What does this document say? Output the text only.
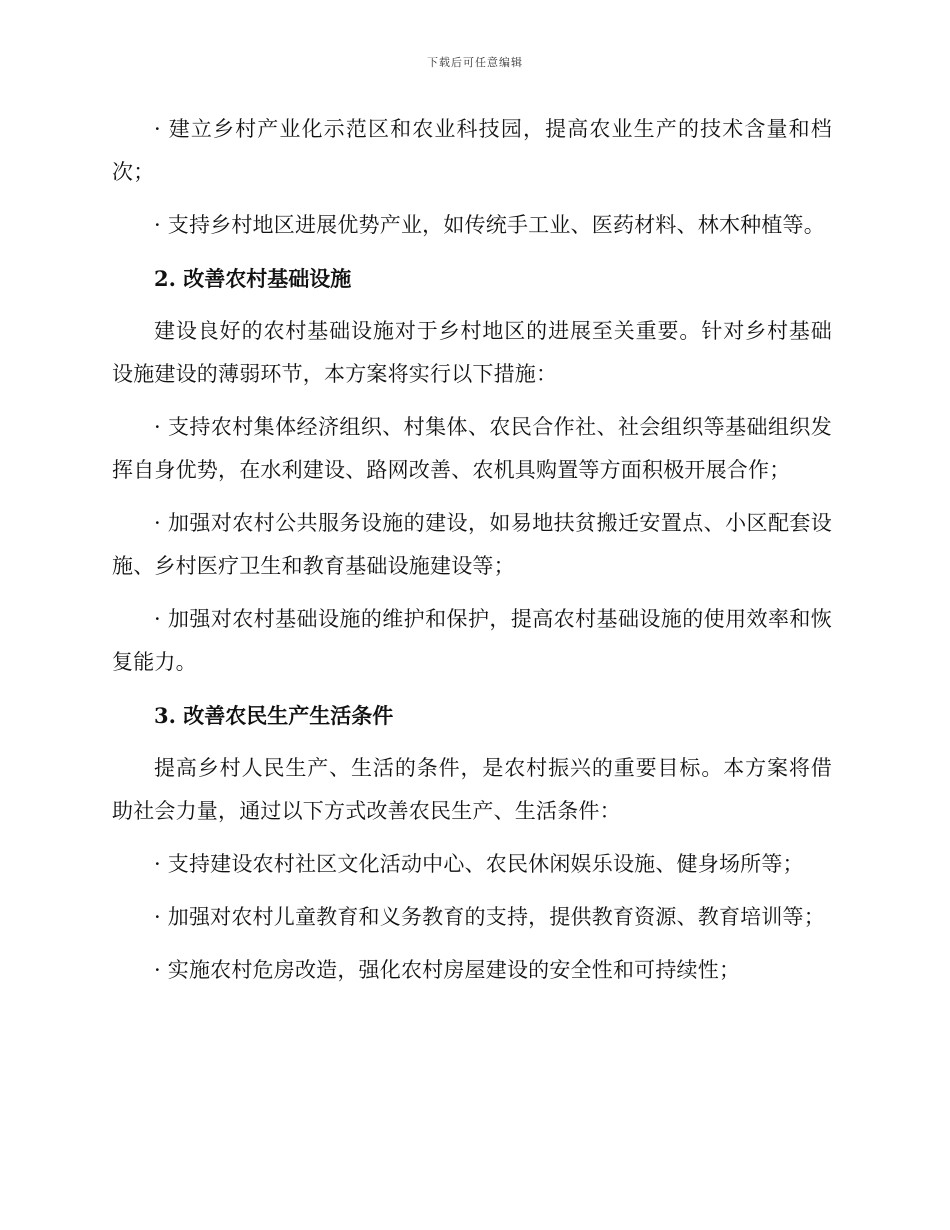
下载后可任意编辑

· 建立乡村产业化示范区和农业科技园，提高农业生产的技术含量和档次；

· 支持乡村地区进展优势产业，如传统手工业、医药材料、林木种植等。

2. 改善农村基础设施

建设良好的农村基础设施对于乡村地区的进展至关重要。针对乡村基础设施建设的薄弱环节，本方案将实行以下措施：

· 支持农村集体经济组织、村集体、农民合作社、社会组织等基础组织发挥自身优势，在水利建设、路网改善、农机具购置等方面积极开展合作；

· 加强对农村公共服务设施的建设，如易地扶贫搬迁安置点、小区配套设施、乡村医疗卫生和教育基础设施建设等；

· 加强对农村基础设施的维护和保护，提高农村基础设施的使用效率和恢复能力。

3. 改善农民生产生活条件

提高乡村人民生产、生活的条件，是农村振兴的重要目标。本方案将借助社会力量，通过以下方式改善农民生产、生活条件：

· 支持建设农村社区文化活动中心、农民休闲娱乐设施、健身场所等；

· 加强对农村儿童教育和义务教育的支持，提供教育资源、教育培训等；

· 实施农村危房改造，强化农村房屋建设的安全性和可持续性；
